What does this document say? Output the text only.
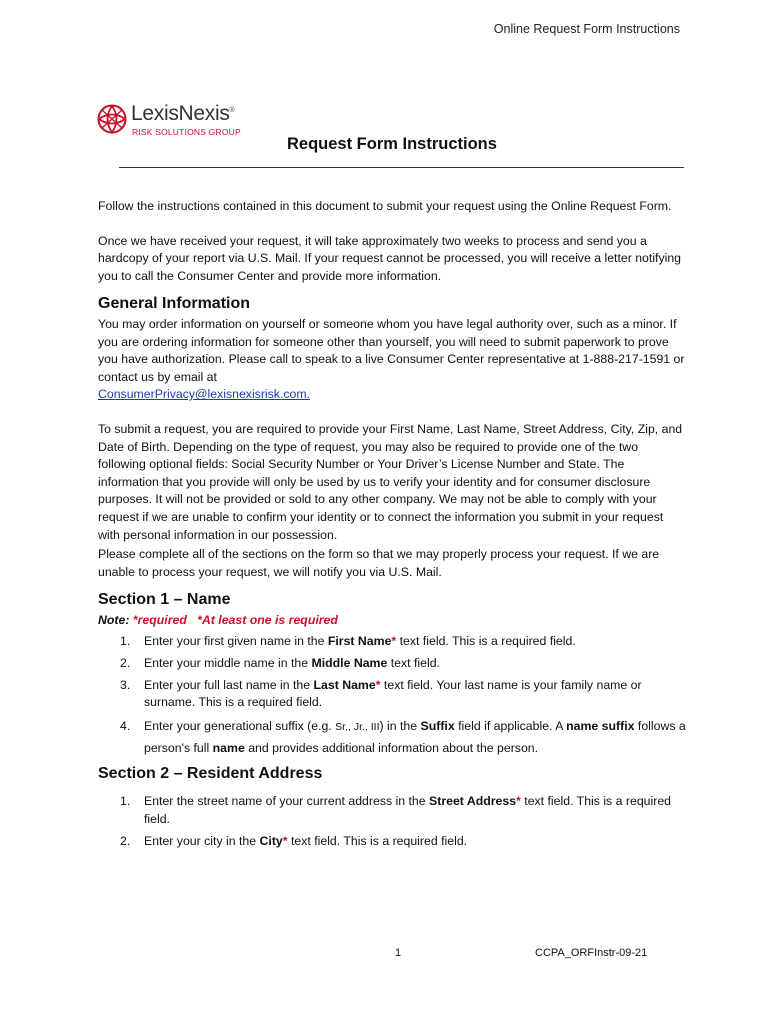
Online Request Form Instructions
LexisNexis®
RISK SOLUTIONS GROUP
Request Form Instructions

Follow the instructions contained in this document to submit your request using the Online Request Form.

Once we have received your request, it will take approximately two weeks to process and send you a hardcopy of your report via U.S. Mail. If your request cannot be processed, you will receive a letter notifying you to call the Consumer Center and provide more information.

General Information

You may order information on yourself or someone whom you have legal authority over, such as a minor. If you are ordering information for someone other than yourself, you will need to submit paperwork to prove you have authorization. Please call to speak to a live Consumer Center representative at 1-888-217-1591 or contact us by email at
ConsumerPrivacy@lexisnexisrisk.com.

To submit a request, you are required to provide your First Name, Last Name, Street Address, City, Zip, and Date of Birth. Depending on the type of request, you may also be required to provide one of the two following optional fields: Social Security Number or Your Driver’s License Number and State. The information that you provide will only be used by us to verify your identity and for consumer disclosure purposes. It will not be provided or sold to any other company. We may not be able to comply with your request if we are unable to confirm your identity or to connect the information you submit in your request with personal information in our possession.

Please complete all of the sections on the form so that we may properly process your request. If we are unable to process your request, we will notify you via U.S. Mail.

Section 1 – Name

Note: *required *At least one is required

1. Enter your first given name in the First Name* text field. This is a required field.
2. Enter your middle name in the Middle Name text field.
3. Enter your full last name in the Last Name* text field. Your last name is your family name or surname. This is a required field.
4. Enter your generational suffix (e.g. Sr., Jr., III) in the Suffix field if applicable. A name suffix follows a person's full name and provides additional information about the person.
Section 2 – Resident Address
1. Enter the street name of your current address in the Street Address* text field. This is a required field.
2. Enter your city in the City* text field. This is a required field.
1	CCPA_ORFInstr-09-21
